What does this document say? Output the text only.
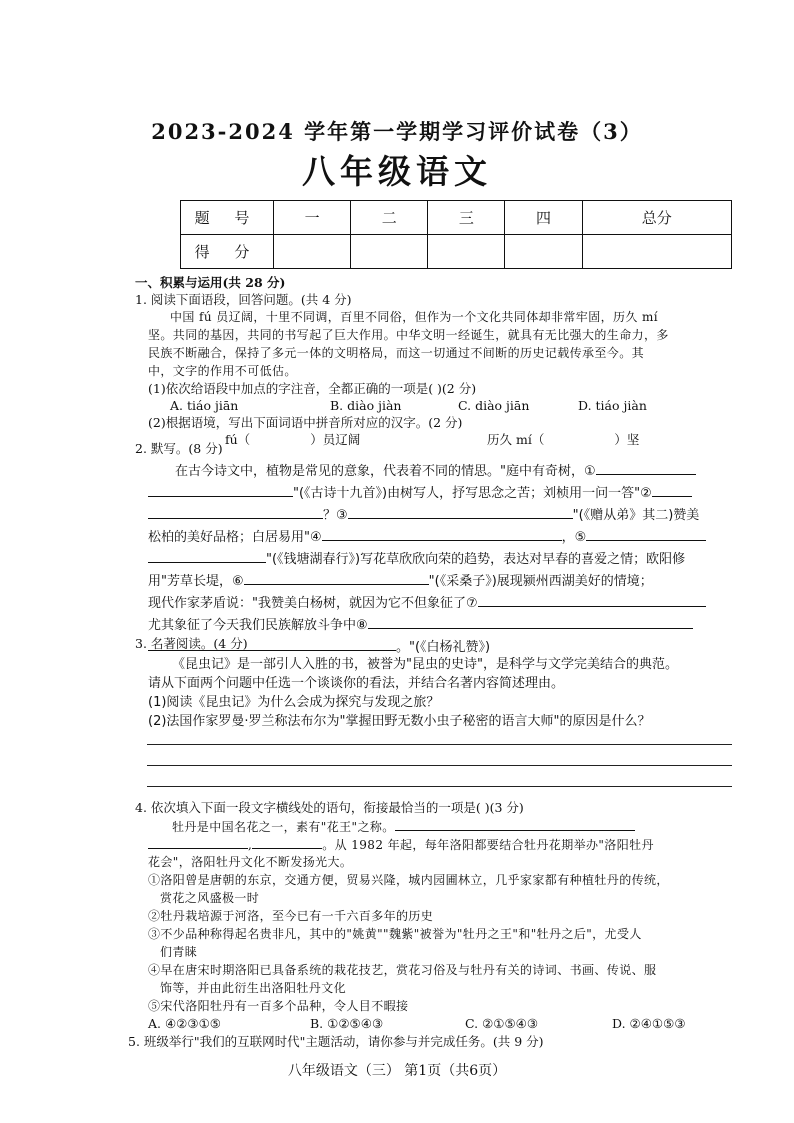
2023-2024 学年第一学期学习评价试卷（3）
八年级语文
题 号	一	二	三	四	总分
得 分					
一、积累与运用(共 28 分)
1. 阅读下面语段，回答问题。(共 4 分)
中国 fú 员辽阔，十里不同调，百里不同俗，但作为一个文化共同体却非常牢固，历久 mí
坚。共同的基因，共同的书写起了巨大作用。中华文明一经诞生，就具有无比强大的生命力，多
民族不断融合，保持了多元一体的文明格局，而这一切通过不间断的历史记载传承至今。其
中，文字的作用不可低估。
(1)依次给语段中加点的字注音，全都正确的一项是( )(2 分)
A. tiáo jiān	B. diào jiàn	C. diào jiān	D. tiáo jiàn
(2)根据语境，写出下面词语中拼音所对应的汉字。(2 分)
fú（	）员辽阔	历久 mí（	）坚
2. 默写。(8 分)
在古今诗文中，植物是常见的意象，代表着不同的情思。"庭中有奇树，①
"(《古诗十九首》)由树写人，抒写思念之苦；刘桢用一问一答"②
？③	"(《赠从弟》其二)赞美
松柏的美好品格；白居易用"④	，⑤
"(《钱塘湖春行》)写花草欣欣向荣的趋势，表达对早春的喜爱之情；欧阳修
用"芳草长堤，⑥	"(《采桑子》)展现颍州西湖美好的情境；
现代作家茅盾说："我赞美白杨树，就因为它不但象征了⑦
尤其象征了今天我们民族解放斗争中⑧
。"(《白杨礼赞》)
3. 名著阅读。(4 分)
《昆虫记》是一部引人入胜的书，被誉为"昆虫的史诗"，是科学与文学完美结合的典范。
请从下面两个问题中任选一个谈谈你的看法，并结合名著内容简述理由。
(1)阅读《昆虫记》为什么会成为探究与发现之旅？
(2)法国作家罗曼·罗兰称法布尔为"掌握田野无数小虫子秘密的语言大师"的原因是什么？
4. 依次填入下面一段文字横线处的语句，衔接最恰当的一项是( )(3 分)
牡丹是中国名花之一，素有"花王"之称。
,	。从 1982 年起，每年洛阳都要结合牡丹花期举办"洛阳牡丹
花会"，洛阳牡丹文化不断发扬光大。
①洛阳曾是唐朝的东京，交通方便，贸易兴隆，城内园圃林立，几乎家家都有种植牡丹的传统，
赏花之风盛极一时
②牡丹栽培源于河洛，至今已有一千六百多年的历史
③不少品种称得起名贵非凡，其中的"姚黄""魏紫"被誉为"牡丹之王"和"牡丹之后"，尤受人
们青睐
④早在唐宋时期洛阳已具备系统的栽花技艺，赏花习俗及与牡丹有关的诗词、书画、传说、服
饰等，并由此衍生出洛阳牡丹文化
⑤宋代洛阳牡丹有一百多个品种，令人目不暇接
A. ④②③①⑤	B. ①②⑤④③	C. ②①⑤④③	D. ②④①⑤③
5. 班级举行"我们的互联网时代"主题活动，请你参与并完成任务。(共 9 分)
八年级语文（三） 第1页（共6页）
